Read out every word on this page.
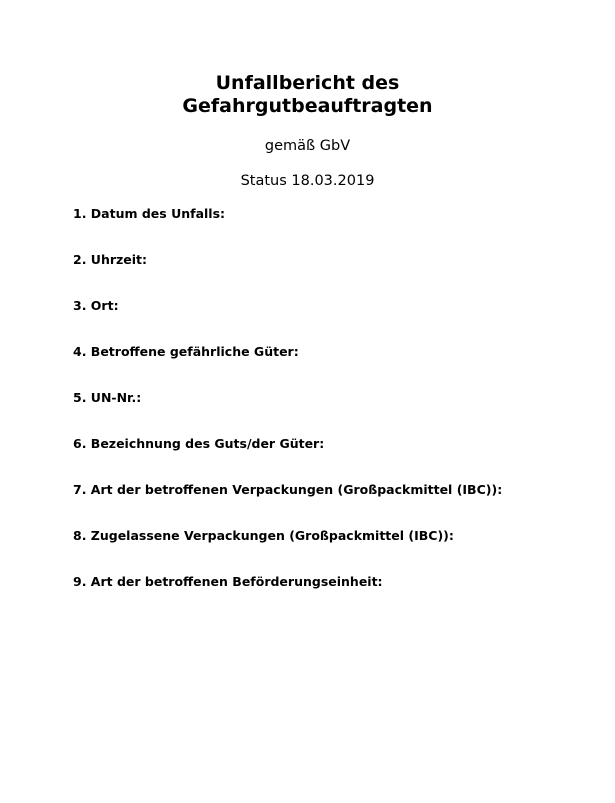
Unfallbericht des
Gefahrgutbeauftragten

gemäß GbV

Status 18.03.2019

1. Datum des Unfalls:
2. Uhrzeit:
3. Ort:
4. Betroffene gefährliche Güter:
5. UN-Nr.:
6. Bezeichnung des Guts/der Güter:
7. Art der betroffenen Verpackungen (Großpackmittel (IBC)):
8. Zugelassene Verpackungen (Großpackmittel (IBC)):
9. Art der betroffenen Beförderungseinheit:
